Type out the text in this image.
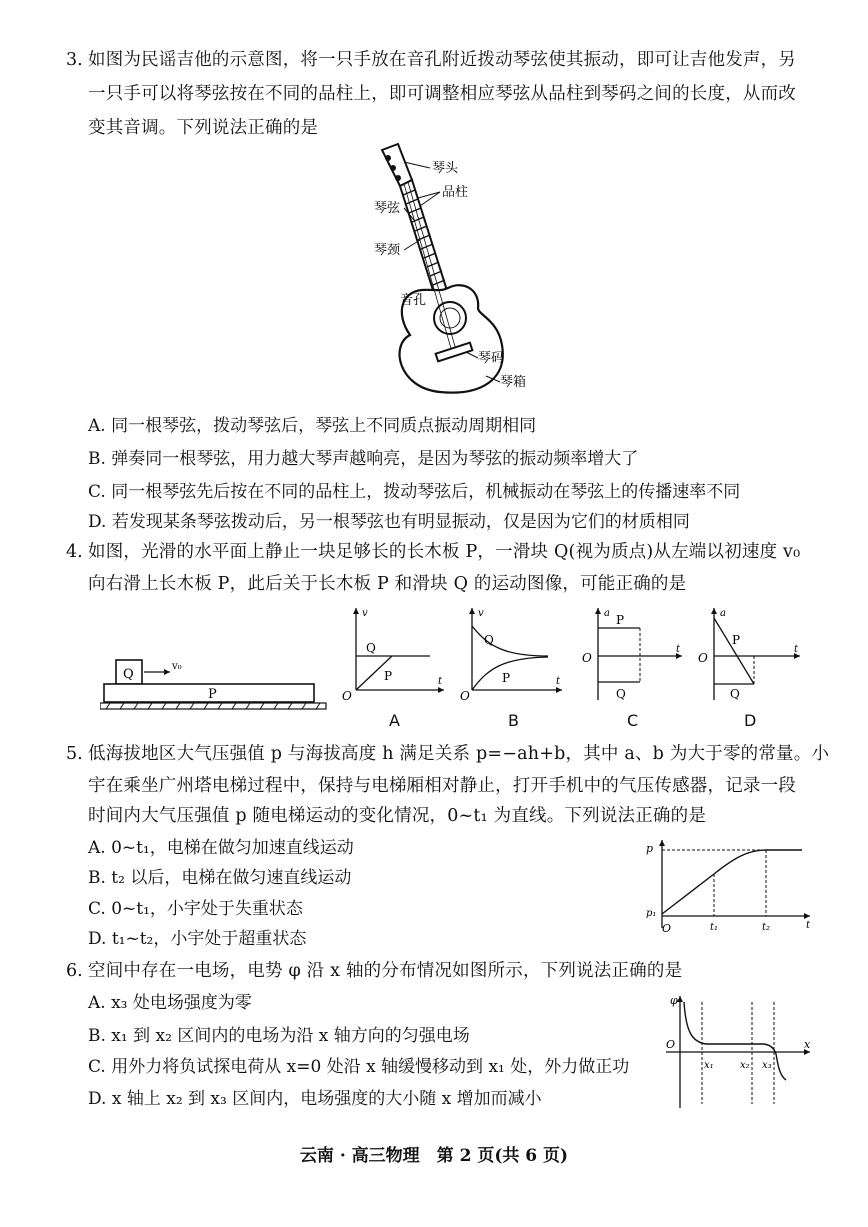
3. 如图为民谣吉他的示意图，将一只手放在音孔附近拨动琴弦使其振动，即可让吉他发声，另
一只手可以将琴弦按在不同的品柱上，即可调整相应琴弦从品柱到琴码之间的长度，从而改
变其音调。下列说法正确的是
琴头
品柱
琴弦
琴颈
音孔
琴码
琴箱
A. 同一根琴弦，拨动琴弦后，琴弦上不同质点振动周期相同
B. 弹奏同一根琴弦，用力越大琴声越响亮，是因为琴弦的振动频率增大了
C. 同一根琴弦先后按在不同的品柱上，拨动琴弦后，机械振动在琴弦上的传播速率不同
D. 若发现某条琴弦拨动后，另一根琴弦也有明显振动，仅是因为它们的材质相同
4. 如图，光滑的水平面上静止一块足够长的长木板 P，一滑块 Q(视为质点)从左端以初速度 v₀
向右滑上长木板 P，此后关于长木板 P 和滑块 Q 的运动图像，可能正确的是
Q
v₀
P
v
t
O
Q
P
A
v
t
O
Q
P
B
a
t
O
P
Q
C
a
t
O
P
Q
D
5. 低海拔地区大气压强值 p 与海拔高度 h 满足关系 p=−ah+b，其中 a、b 为大于零的常量。小
宇在乘坐广州塔电梯过程中，保持与电梯厢相对静止，打开手机中的气压传感器，记录一段
时间内大气压强值 p 随电梯运动的变化情况，0~t₁ 为直线。下列说法正确的是
A. 0~t₁，电梯在做匀加速直线运动
B. t₂ 以后，电梯在做匀速直线运动
C. 0~t₁，小宇处于失重状态
D. t₁~t₂，小宇处于超重状态
p
t
O
p₁
t₁	t₂
6. 空间中存在一电场，电势 φ 沿 x 轴的分布情况如图所示，下列说法正确的是
A. x₃ 处电场强度为零
B. x₁ 到 x₂ 区间内的电场为沿 x 轴方向的匀强电场
C. 用外力将负试探电荷从 x=0 处沿 x 轴缓慢移动到 x₁ 处，外力做正功
D. x 轴上 x₂ 到 x₃ 区间内，电场强度的大小随 x 增加而减小
φ
x
O
x₁	x₂ x₃
云南 · 高三物理　第 2 页(共 6 页)
